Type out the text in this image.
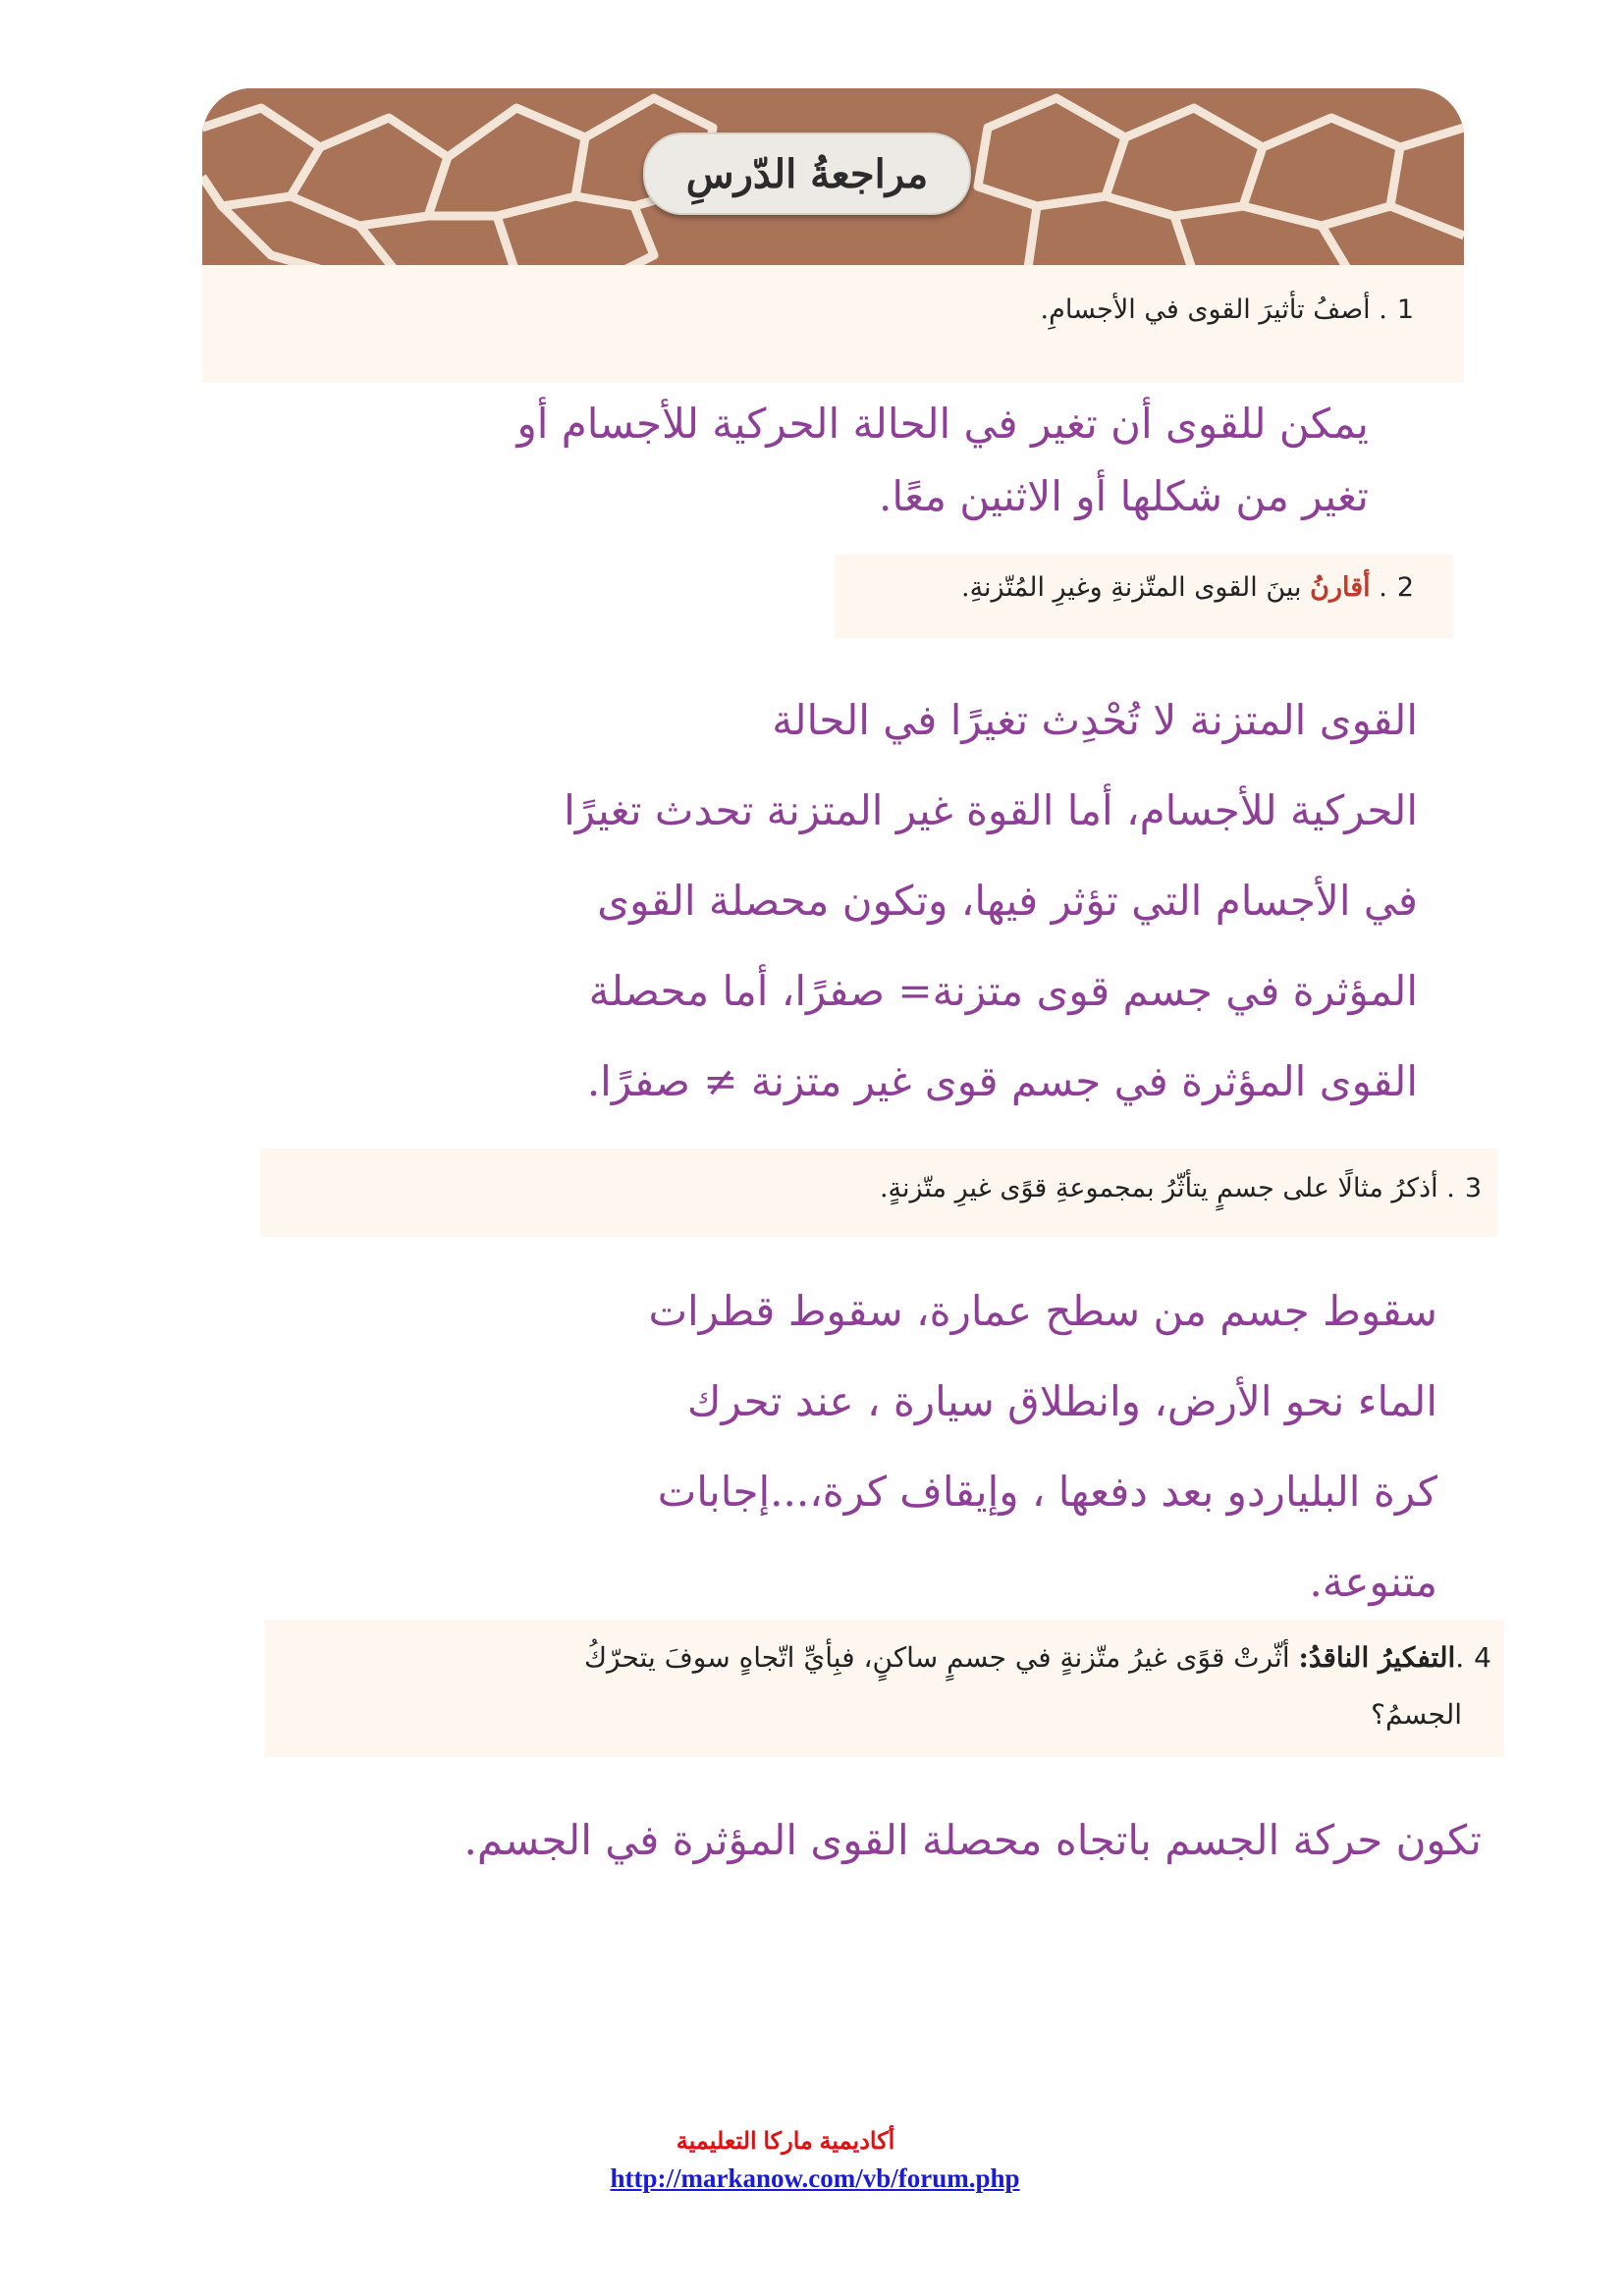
مراجعةُ الدّرسِ
1. أصفُ تأثيرَ القوى في الأجسامِ.
يمكن للقوى أن تغير في الحالة الحركية للأجسام أو
تغير من شكلها أو الاثنين معًا.
2. أقارنُ بينَ القوى المتّزنةِ وغيرِ المُتّزنةِ.
القوى المتزنة لا تُحْدِث تغيرًا في الحالة
الحركية للأجسام، أما القوة غير المتزنة تحدث تغيرًا
في الأجسام التي تؤثر فيها، وتكون محصلة القوى
المؤثرة في جسم قوى متزنة= صفرًا، أما محصلة
القوى المؤثرة في جسم قوى غير متزنة ≠ صفرًا.
3. أذكرُ مثالًا على جسمٍ يتأثّرُ بمجموعةِ قوًى غيرِ متّزنةٍ.
سقوط جسم من سطح عمارة، سقوط قطرات
الماء نحو الأرض، وانطلاق سيارة ، عند تحرك
كرة البلياردو بعد دفعها ، وإيقاف كرة،...إجابات
متنوعة.
4.التفكيرُ الناقدُ: أثّرتْ قوًى غيرُ متّزنةٍ في جسمٍ ساكنٍ، فبِأيِّ اتّجاهٍ سوفَ يتحرّكُ
الجسمُ؟
تكون حركة الجسم باتجاه محصلة القوى المؤثرة في الجسم.
أكاديمية ماركا التعليمية
http://markanow.com/vb/forum.php
